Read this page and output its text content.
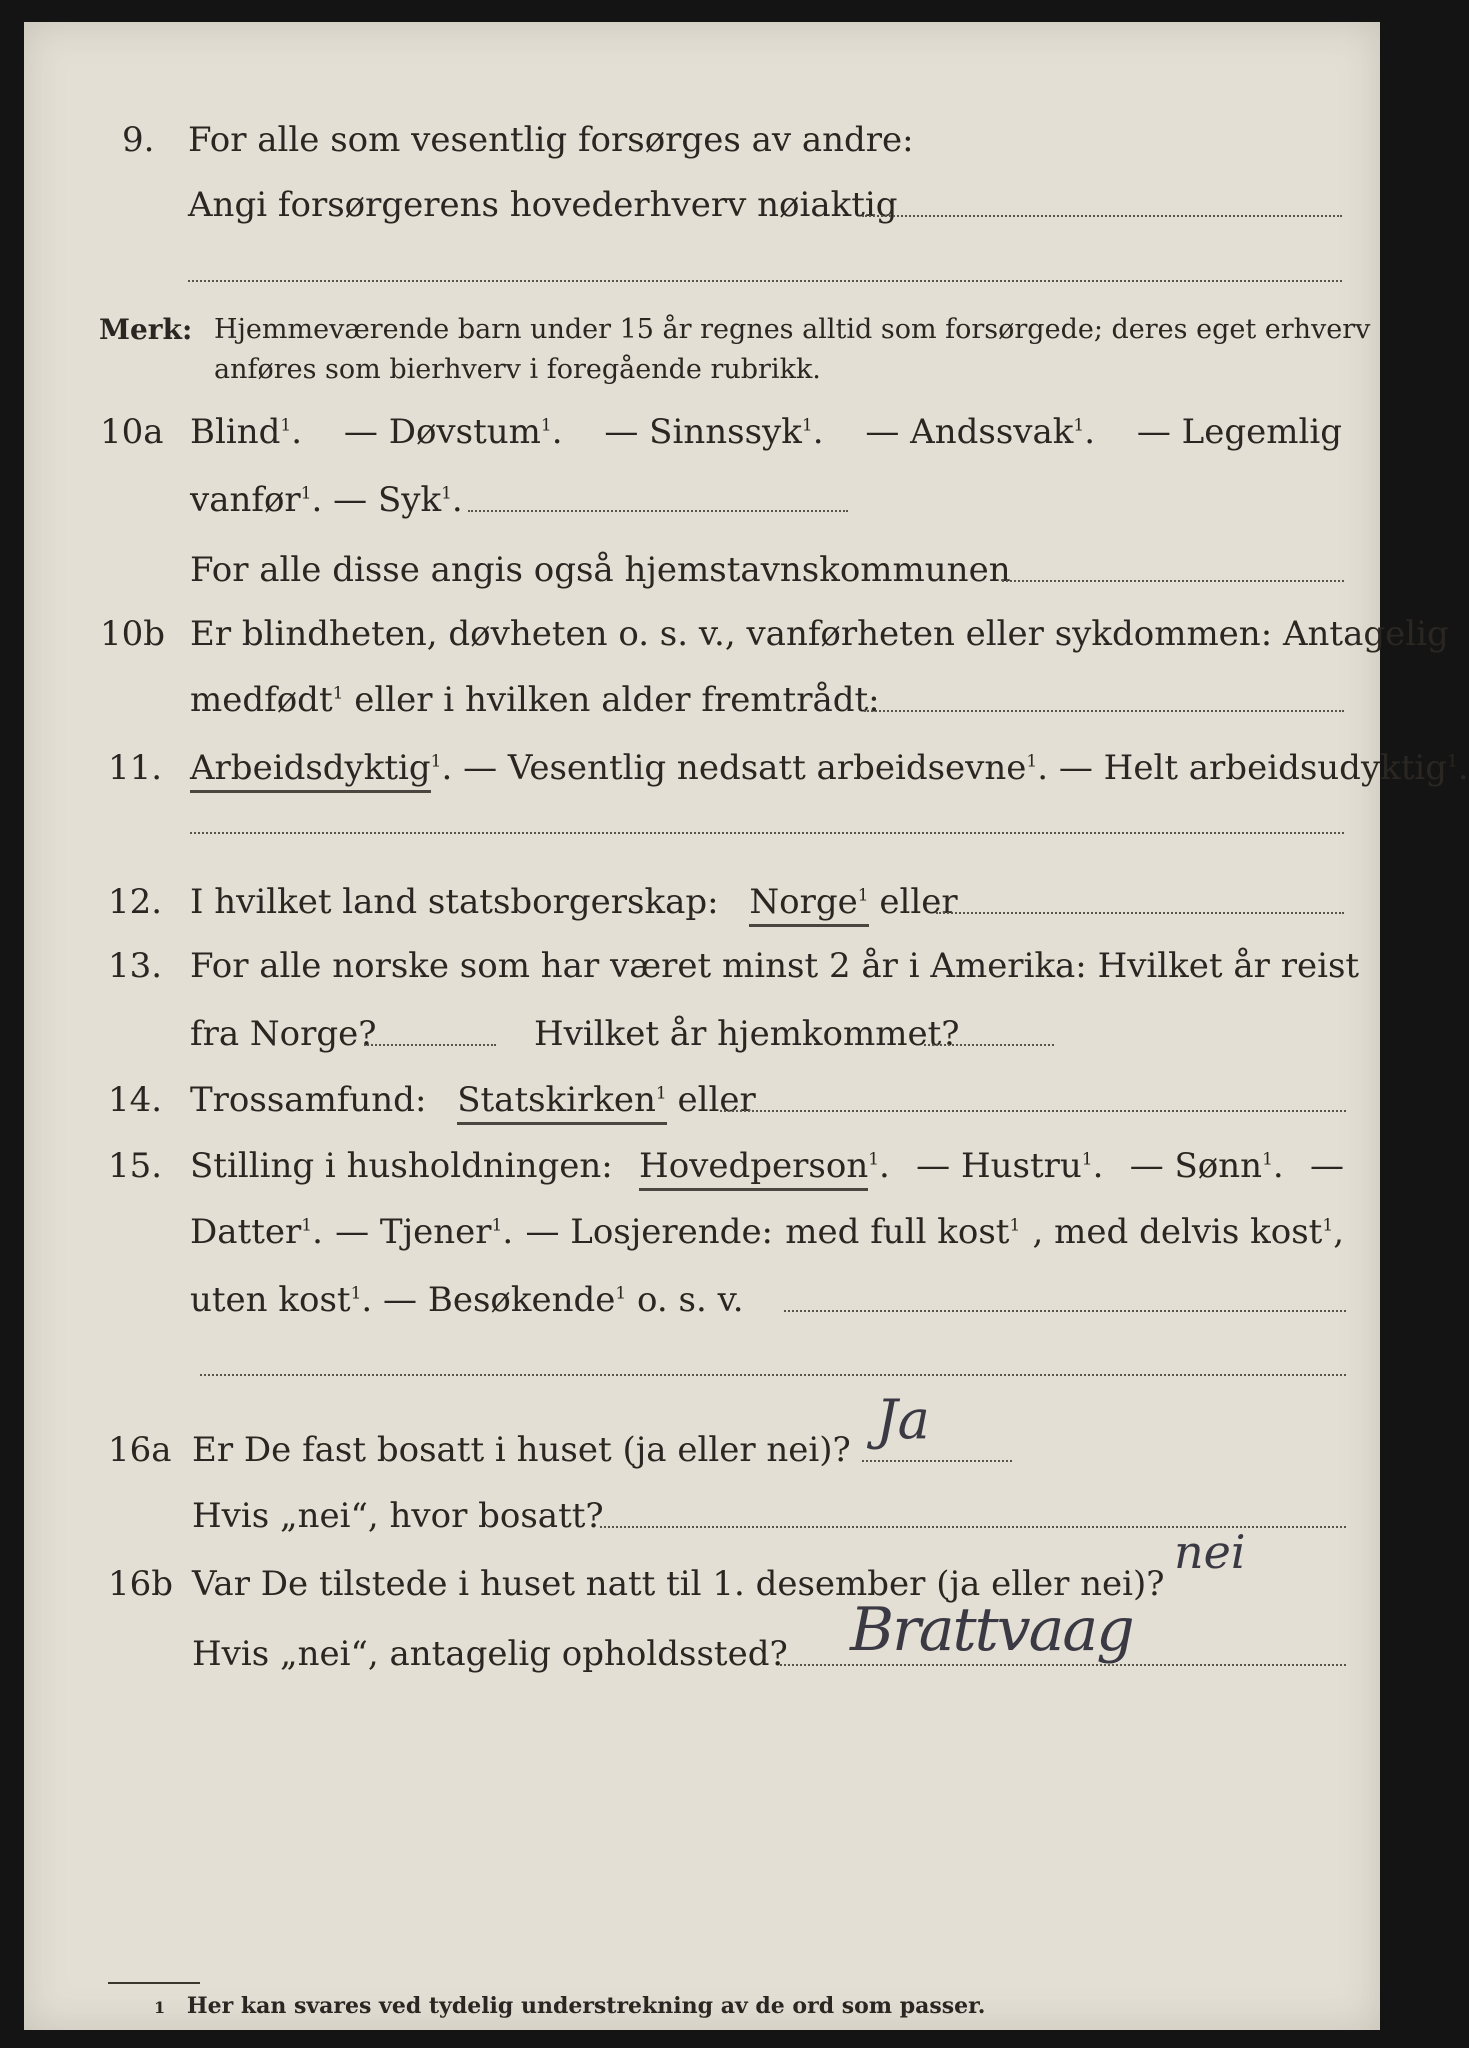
9. For alle som vesentlig forsørges av andre:
Angi forsørgerens hovederhverv nøiaktig
Merk: Hjemmeværende barn under 15 år regnes alltid som forsørgede; deres eget erhverv
anføres som bierhverv i foregående rubrikk.
10a Blind$^1$. — Døvstum$^1$. — Sinnssyk$^1$. — Andssvak$^1$. — Legemlig
vanfør$^1$. — Syk$^1$.
For alle disse angis også hjemstavnskommunen
10b Er blindheten, døvheten o. s. v., vanførheten eller sykdommen: Antagelig
medfødt$^1$ eller i hvilken alder fremtrådt:
11. Arbeidsdyktig$^1$. — Vesentlig nedsatt arbeidsevne$^1$. — Helt arbeidsudyktig$^1$.
12. I hvilket land statsborgerskap: Norge$^1$ eller
13. For alle norske som har været minst 2 år i Amerika: Hvilket år reist
fra Norge?	Hvilket år hjemkommet?
14. Trossamfund: Statskirken$^1$ eller
15. Stilling i husholdningen: Hovedperson$^1$. — Hustru$^1$. — Sønn$^1$. —
Datter$^1$. — Tjener$^1$. — Losjerende: med full kost$^1$ , med delvis kost$^1$,
uten kost$^1$. — Besøkende$^1$ o. s. v.
16a Er De fast bosatt i huset (ja eller nei)? Ja
Hvis „nei“, hvor bosatt?
16b Var De tilstede i huset natt til 1. desember (ja eller nei)?
nei
Hvis „nei“, antagelig opholdssted? Brattvaag
1 Her kan svares ved tydelig understrekning av de ord som passer.
